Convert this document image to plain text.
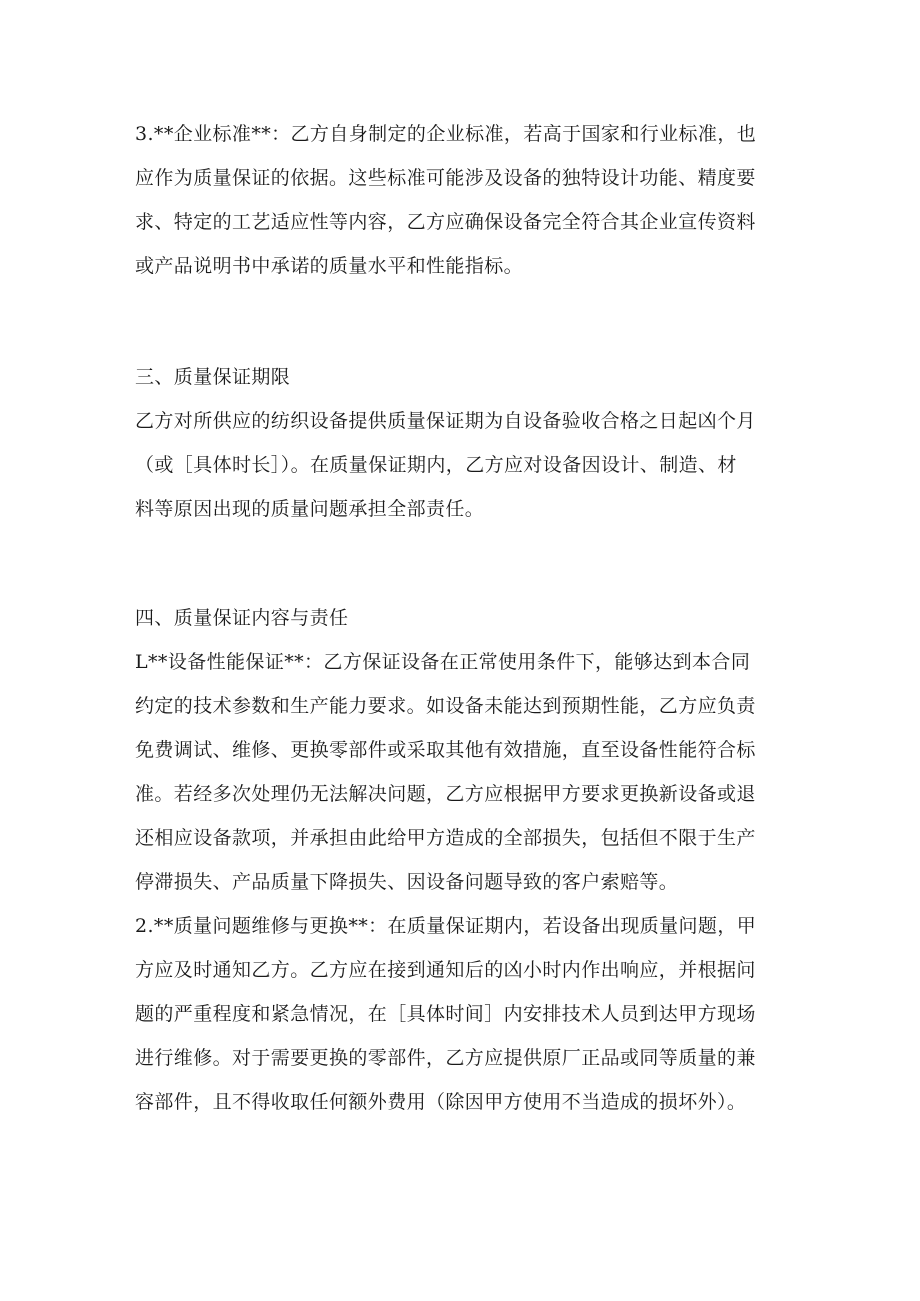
3.**企业标准**：乙方自身制定的企业标准，若高于国家和行业标准，也
应作为质量保证的依据。这些标准可能涉及设备的独特设计功能、精度要
求、特定的工艺适应性等内容，乙方应确保设备完全符合其企业宣传资料
或产品说明书中承诺的质量水平和性能指标。
三、质量保证期限
乙方对所供应的纺织设备提供质量保证期为自设备验收合格之日起凶个月
（或［具体时长］）。在质量保证期内，乙方应对设备因设计、制造、材
料等原因出现的质量问题承担全部责任。
四、质量保证内容与责任
L**设备性能保证**：乙方保证设备在正常使用条件下，能够达到本合同
约定的技术参数和生产能力要求。如设备未能达到预期性能，乙方应负责
免费调试、维修、更换零部件或采取其他有效措施，直至设备性能符合标
准。若经多次处理仍无法解决问题，乙方应根据甲方要求更换新设备或退
还相应设备款项，并承担由此给甲方造成的全部损失，包括但不限于生产
停滞损失、产品质量下降损失、因设备问题导致的客户索赔等。
2.**质量问题维修与更换**：在质量保证期内，若设备出现质量问题，甲
方应及时通知乙方。乙方应在接到通知后的凶小时内作出响应，并根据问
题的严重程度和紧急情况，在［具体时间］内安排技术人员到达甲方现场
进行维修。对于需要更换的零部件，乙方应提供原厂正品或同等质量的兼
容部件，且不得收取任何额外费用（除因甲方使用不当造成的损坏外）。
